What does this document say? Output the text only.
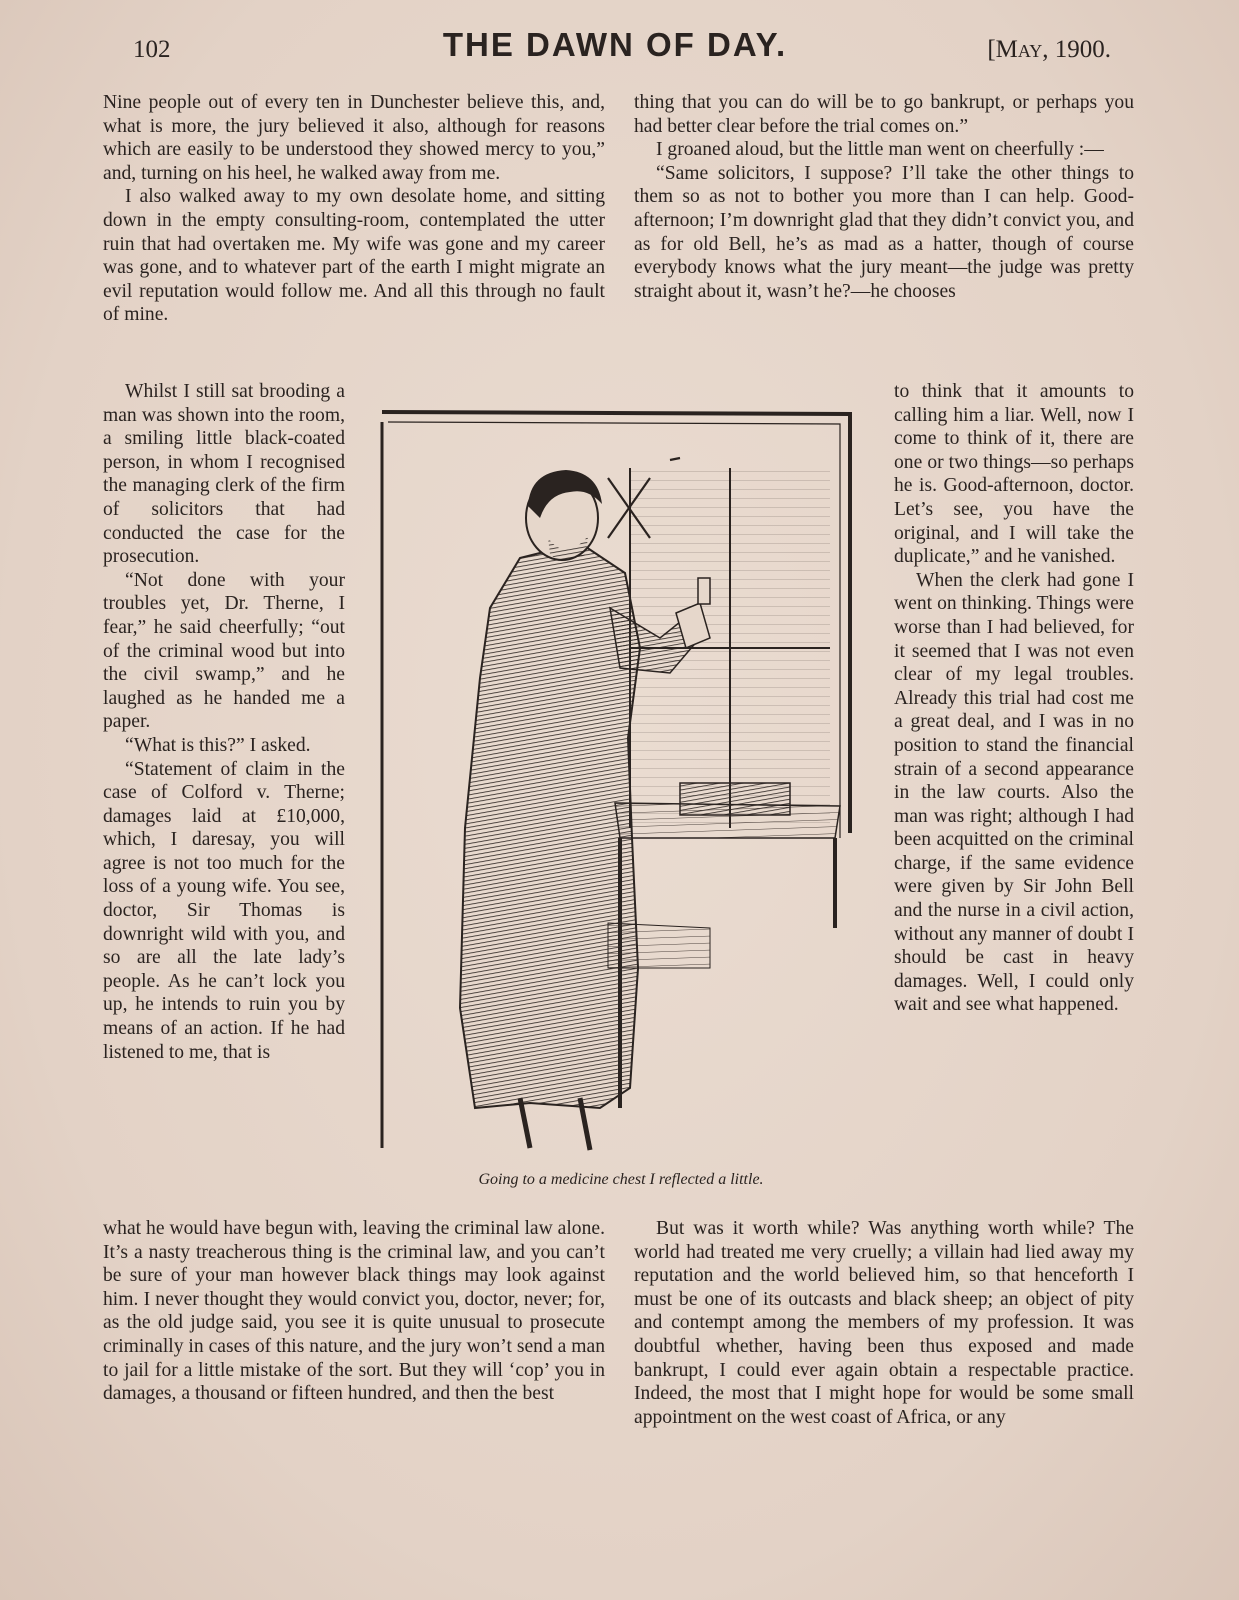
102	THE DAWN OF DAY.	[May, 1900.

Nine people out of every ten in Dunchester believe this, and, what is more, the jury believed it also, although for reasons which are easily to be understood they showed mercy to you,” and, turning on his heel, he walked away from me.

I also walked away to my own desolate home, and sitting down in the empty consulting-room, contemplated the utter ruin that had overtaken me. My wife was gone and my career was gone, and to whatever part of the earth I might migrate an evil reputation would follow me. And all this through no fault of mine.

thing that you can do will be to go bankrupt, or perhaps you had better clear before the trial comes on.”

I groaned aloud, but the little man went on cheerfully :—

“Same solicitors, I suppose? I’ll take the other things to them so as not to bother you more than I can help. Good-afternoon; I’m downright glad that they didn’t convict you, and as for old Bell, he’s as mad as a hatter, though of course everybody knows what the jury meant—the judge was pretty straight about it, wasn’t he?—he chooses

Whilst I still sat brooding a man was shown into the room, a smiling little black-coated person, in whom I recognised the managing clerk of the firm of solicitors that had conducted the case for the prosecution.

“Not done with your troubles yet, Dr. Therne, I fear,” he said cheerfully; “out of the criminal wood but into the civil swamp,” and he laughed as he handed me a paper.

“What is this?” I asked.

“Statement of claim in the case of Colford v. Therne; damages laid at £10,000, which, I daresay, you will agree is not too much for the loss of a young wife. You see, doctor, Sir Thomas is downright wild with you, and so are all the late lady’s people. As he can’t lock you up, he intends to ruin you by means of an action. If he had listened to me, that is

to think that it amounts to calling him a liar. Well, now I come to think of it, there are one or two things—so perhaps he is. Good-afternoon, doctor. Let’s see, you have the original, and I will take the duplicate,” and he vanished.

When the clerk had gone I went on thinking. Things were worse than I had believed, for it seemed that I was not even clear of my legal troubles. Already this trial had cost me a great deal, and I was in no position to stand the financial strain of a second appearance in the law courts. Also the man was right; although I had been acquitted on the criminal charge, if the same evidence were given by Sir John Bell and the nurse in a civil action, without any manner of doubt I should be cast in heavy damages. Well, I could only wait and see what happened.

Going to a medicine chest I reflected a little.

what he would have begun with, leaving the criminal law alone. It’s a nasty treacherous thing is the criminal law, and you can’t be sure of your man however black things may look against him. I never thought they would convict you, doctor, never; for, as the old judge said, you see it is quite unusual to prosecute criminally in cases of this nature, and the jury won’t send a man to jail for a little mistake of the sort. But they will ‘cop’ you in damages, a thousand or fifteen hundred, and then the best

But was it worth while? Was anything worth while? The world had treated me very cruelly; a villain had lied away my reputation and the world believed him, so that henceforth I must be one of its outcasts and black sheep; an object of pity and contempt among the members of my profession. It was doubtful whether, having been thus exposed and made bankrupt, I could ever again obtain a respectable practice. Indeed, the most that I might hope for would be some small appointment on the west coast of Africa, or any
